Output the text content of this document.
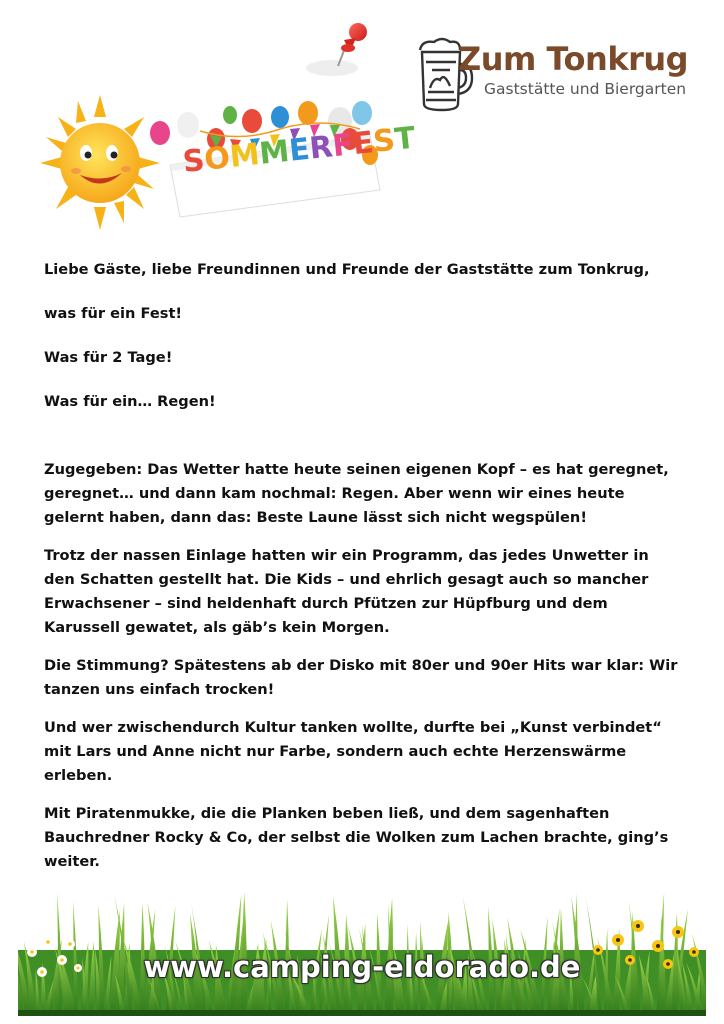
Zum Tonkrug
Gaststätte und Biergarten
SOMMERFEST

Liebe Gäste, liebe Freundinnen und Freunde der Gaststätte zum Tonkrug,

was für ein Fest!

Was für 2 Tage!

Was für ein… Regen!

Zugegeben: Das Wetter hatte heute seinen eigenen Kopf – es hat geregnet, geregnet… und dann kam nochmal: Regen. Aber wenn wir eines heute gelernt haben, dann das: Beste Laune lässt sich nicht wegspülen!

Trotz der nassen Einlage hatten wir ein Programm, das jedes Unwetter in den Schatten gestellt hat. Die Kids – und ehrlich gesagt auch so mancher Erwachsener – sind heldenhaft durch Pfützen zur Hüpfburg und dem Karussell gewatet, als gäb’s kein Morgen.

Die Stimmung? Spätestens ab der Disko mit 80er und 90er Hits war klar: Wir tanzen uns einfach trocken!

Und wer zwischendurch Kultur tanken wollte, durfte bei „Kunst verbindet“ mit Lars und Anne nicht nur Farbe, sondern auch echte Herzenswärme erleben.

Mit Piratenmukke, die die Planken beben ließ, und dem sagenhaften Bauchredner Rocky & Co, der selbst die Wolken zum Lachen brachte, ging’s weiter.

www.camping-eldorado.de
